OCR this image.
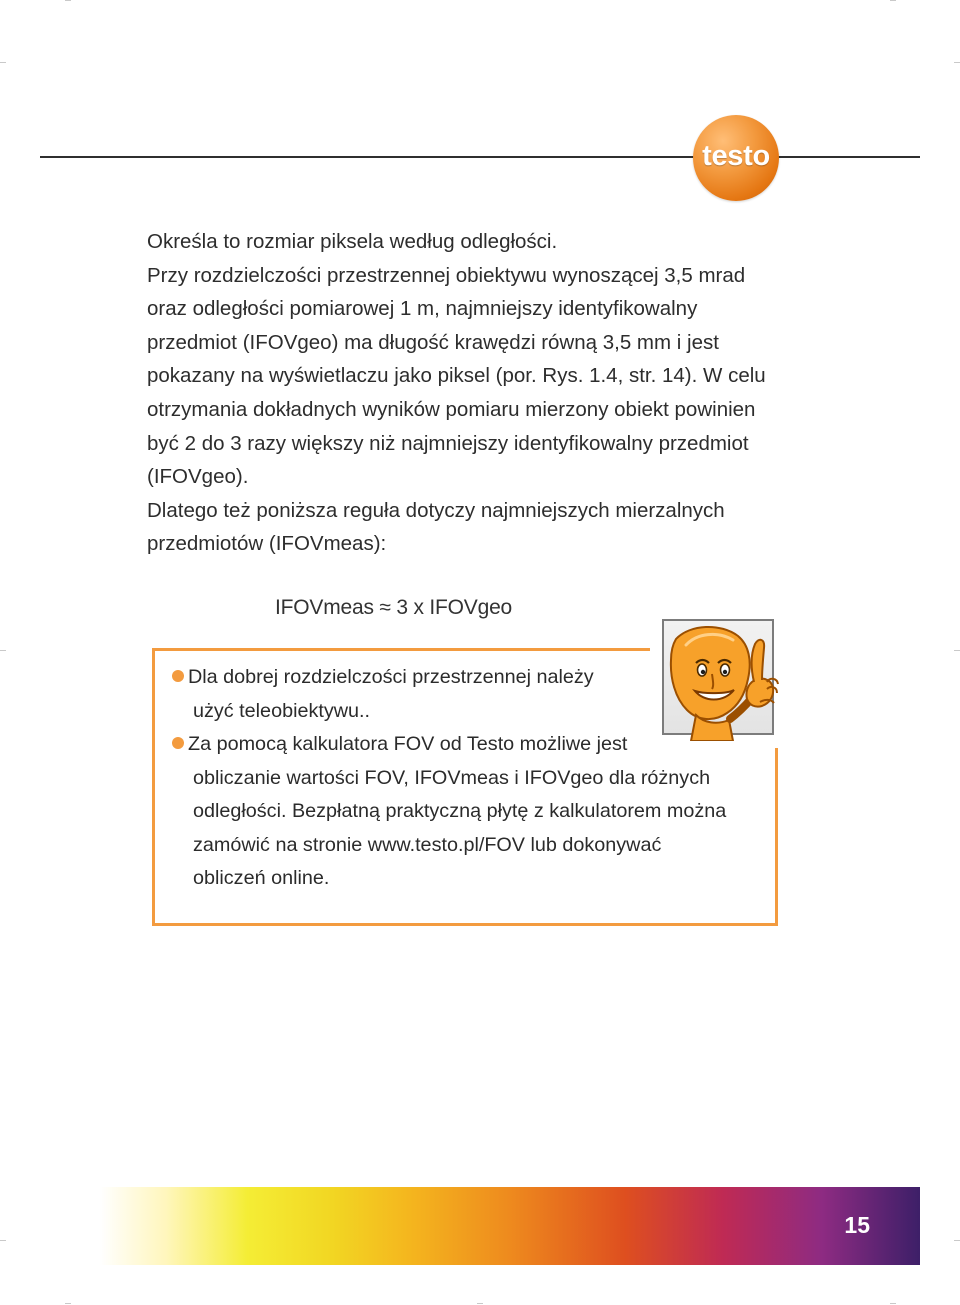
testo

Określa to rozmiar piksela według odległości.

Przy rozdzielczości przestrzennej obiektywu wynoszącej 3,5 mrad oraz odległości pomiarowej 1 m, najmniejszy identyfikowalny przedmiot (IFOVgeo) ma długość krawędzi równą 3,5 mm i jest pokazany na wyświetlaczu jako piksel (por. Rys. 1.4, str. 14). W celu otrzymania dokładnych wyników pomiaru mierzony obiekt powinien być 2 do 3 razy większy niż najmniejszy identyfikowalny przedmiot (IFOVgeo).

Dlatego też poniższa reguła dotyczy najmniejszych mierzalnych przedmiotów (IFOVmeas):

IFOVmeas ≈ 3 x IFOVgeo
Dla dobrej rozdzielczości przestrzennej należy
użyć teleobiektywu..
Za pomocą kalkulatora FOV od Testo możliwe jest
obliczanie wartości FOV, IFOVmeas i IFOVgeo dla różnych
odległości. Bezpłatną praktyczną płytę z kalkulatorem można
zamówić na stronie www.testo.pl/FOV lub dokonywać
obliczeń online.
15
